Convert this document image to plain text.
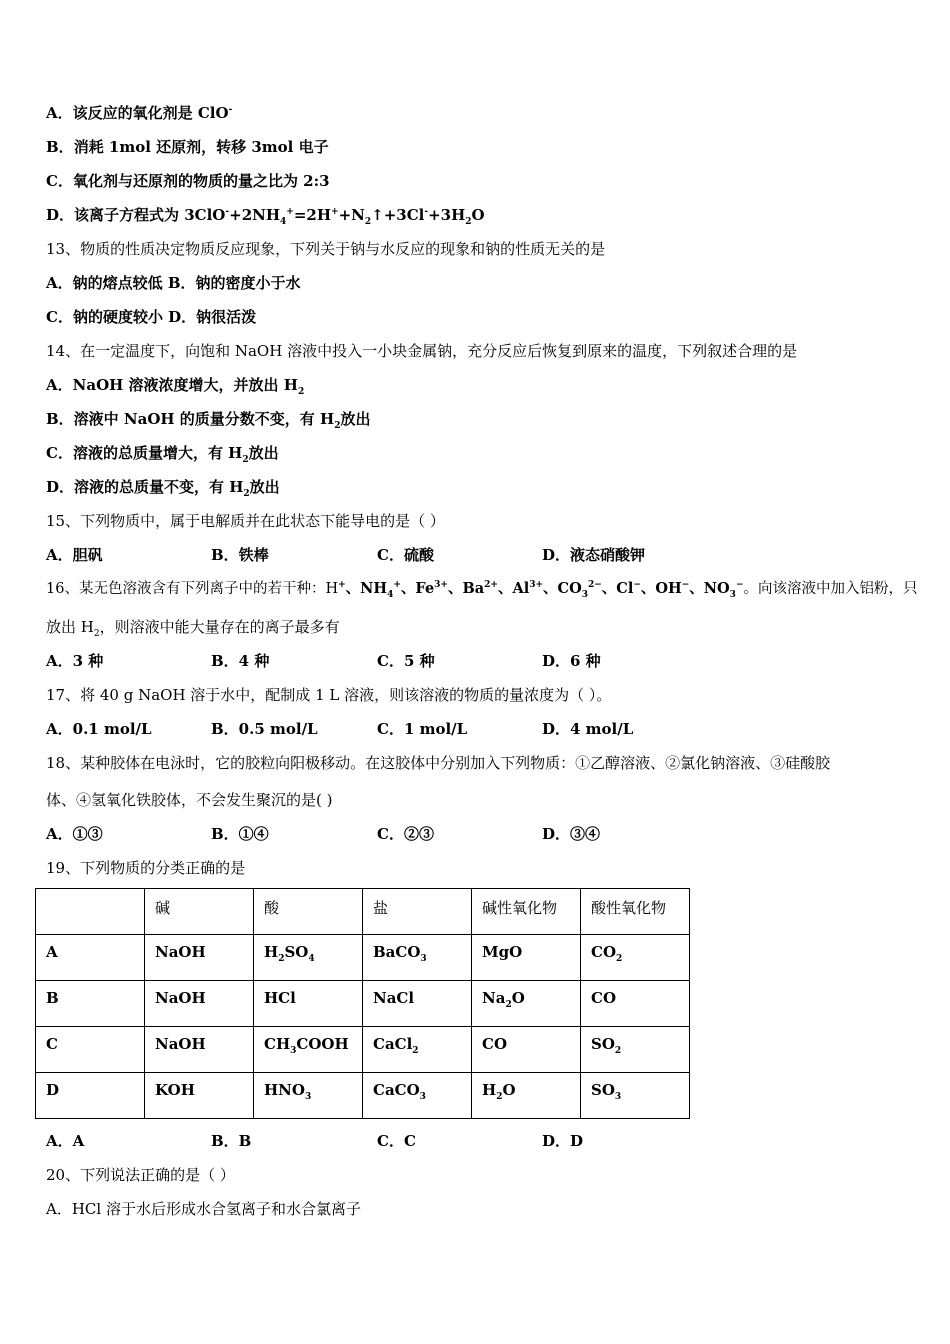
A．该反应的氧化剂是 ClO-
B．消耗 1mol 还原剂，转移 3mol 电子
C．氧化剂与还原剂的物质的量之比为 2:3
D．该离子方程式为 $3ClO^-+2NH_4^+=2H^++N_2↑+3Cl^-+3H_2O$
13、物质的性质决定物质反应现象，下列关于钠与水反应的现象和钠的性质无关的是
A．钠的熔点较低 B．钠的密度小于水
C．钠的硬度较小 D．钠很活泼
14、在一定温度下，向饱和 NaOH 溶液中投入一小块金属钠，充分反应后恢复到原来的温度，下列叙述合理的是
A．NaOH 溶液浓度增大，并放出 $H_2$
B．溶液中 NaOH 的质量分数不变，有 $H_2$放出
C．溶液的总质量增大，有 $H_2$放出
D．溶液的总质量不变，有 $H_2$放出
15、下列物质中，属于电解质并在此状态下能导电的是（ ）
A．胆矾	B．铁棒	C．硫酸	D．液态硝酸钾
16、某无色溶液含有下列离子中的若干种：H+、$NH_4^+$、$Fe^{3+}$、$Ba^{2+}$、$Al^{3+}$、$CO_3^{2-}$、Cl−、OH−、$NO_3^-$。向该溶液中加入铝粉，只
放出 $H_2$，则溶液中能大量存在的离子最多有
A．3 种	B．4 种	C．5 种	D．6 种
17、将 40 g NaOH 溶于水中，配制成 1 L 溶液，则该溶液的物质的量浓度为（ ）。
A．0.1 mol/L	B．0.5 mol/L	C．1 mol/L	D．4 mol/L
18、某种胶体在电泳时，它的胶粒向阳极移动。在这胶体中分别加入下列物质：①乙醇溶液、②氯化钠溶液、③硅酸胶
体、④氢氧化铁胶体，不会发生聚沉的是( )
A．①③	B．①④	C．②③	D．③④
19、下列物质的分类正确的是
	碱	酸	盐	碱性氧化物	酸性氧化物
A	NaOH	$H_2SO_4$	BaCO$_3$	MgO	$CO_2$
B	NaOH	HCl	NaCl	$Na_2O$	CO
C	NaOH	$CH_3COOH$	CaCl$_2$	CO	$SO_2$
D	KOH	$HNO_3$	CaCO$_3$	$H_2O$	$SO_3$
A．A	B．B	C．C	D．D
20、下列说法正确的是（ ）
A．HCl 溶于水后形成水合氢离子和水合氯离子
